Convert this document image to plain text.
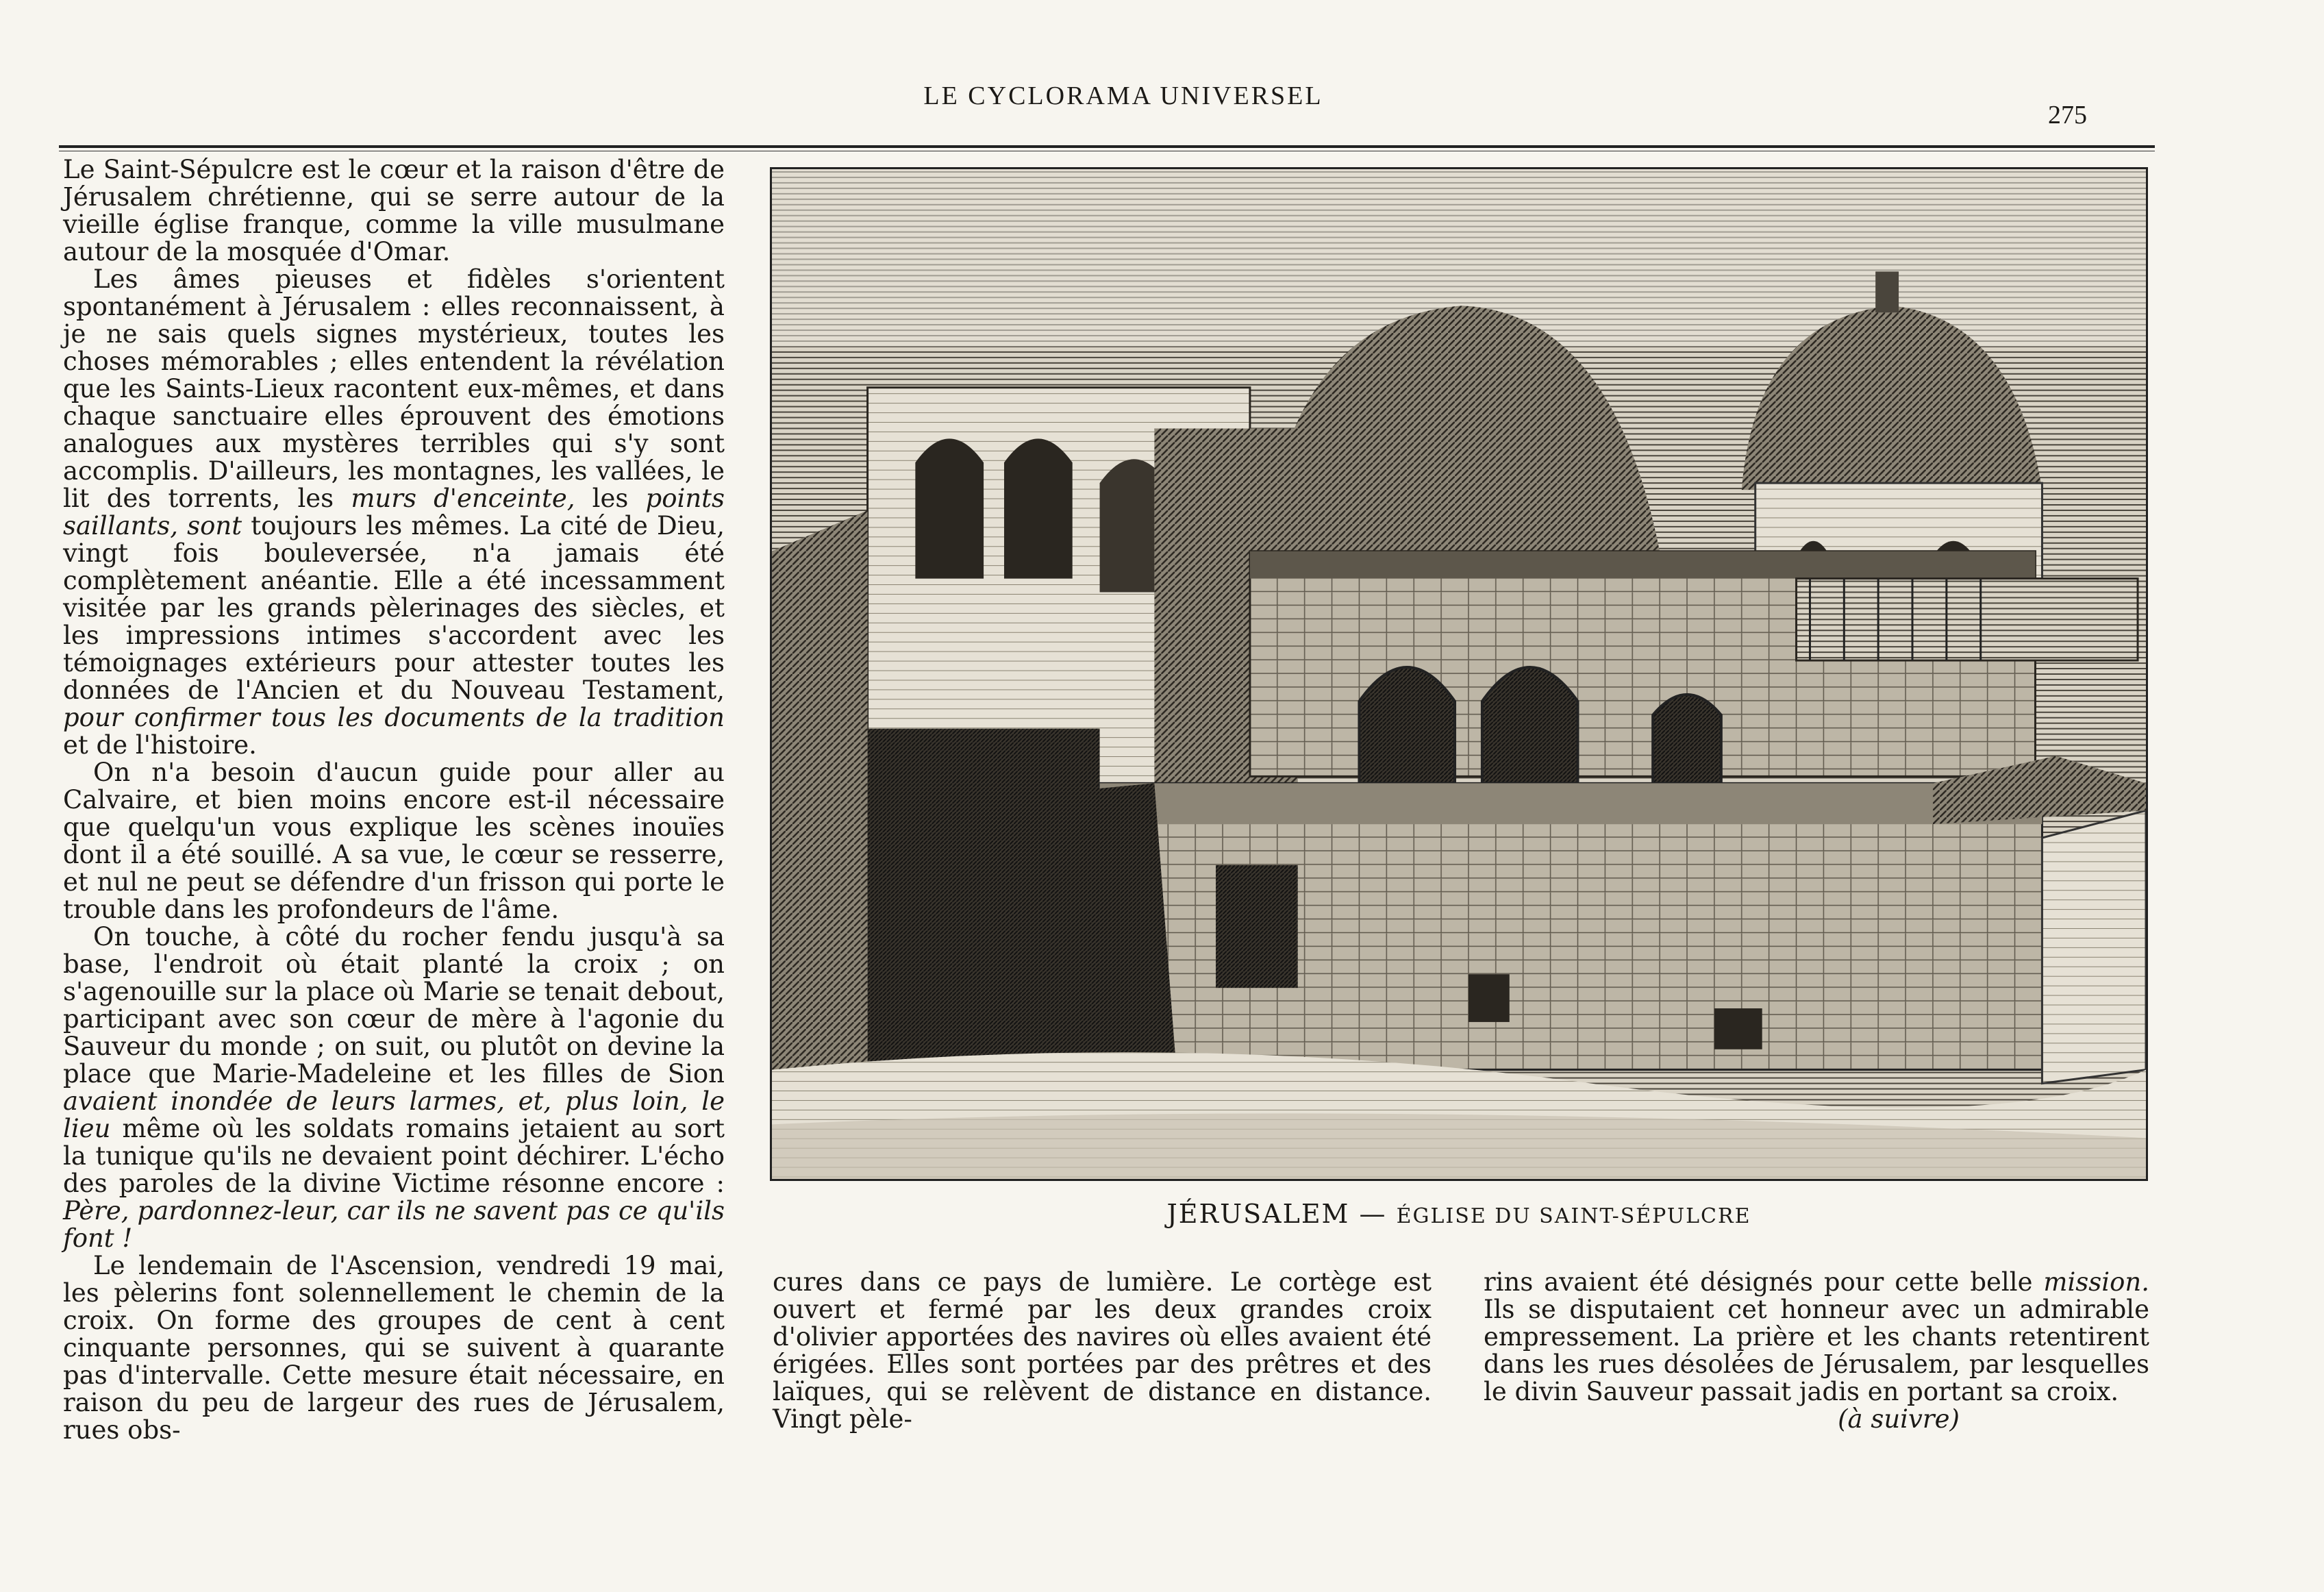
LE CYCLORAMA UNIVERSEL
275

Le Saint-Sépulcre est le cœur et la raison d'être de Jérusalem chrétienne, qui se serre autour de la vieille église franque, comme la ville musulmane autour de la mosquée d'Omar.

Les âmes pieuses et fidèles s'orientent spontanément à Jérusalem : elles reconnaissent, à je ne sais quels signes mystérieux, toutes les choses mémorables ; elles entendent la révélation que les Saints-Lieux racontent eux-mêmes, et dans chaque sanctuaire elles éprouvent des émotions analogues aux mystères terribles qui s'y sont accomplis. D'ailleurs, les montagnes, les vallées, le lit des torrents, les murs d'enceinte, les points saillants, sont toujours les mêmes. La cité de Dieu, vingt fois bouleversée, n'a jamais été complètement anéantie. Elle a été incessamment visitée par les grands pèlerinages des siècles, et les impressions intimes s'accordent avec les témoignages extérieurs pour attester toutes les données de l'Ancien et du Nouveau Testament, pour confirmer tous les documents de la tradition et de l'histoire.

On n'a besoin d'aucun guide pour aller au Calvaire, et bien moins encore est-il nécessaire que quelqu'un vous explique les scènes inouïes dont il a été souillé. A sa vue, le cœur se resserre, et nul ne peut se défendre d'un frisson qui porte le trouble dans les profondeurs de l'âme.

On touche, à côté du rocher fendu jusqu'à sa base, l'endroit où était planté la croix ; on s'agenouille sur la place où Marie se tenait debout, participant avec son cœur de mère à l'agonie du Sauveur du monde ; on suit, ou plutôt on devine la place que Marie-Madeleine et les filles de Sion avaient inondée de leurs larmes, et, plus loin, le lieu même où les soldats romains jetaient au sort la tunique qu'ils ne devaient point déchirer. L'écho des paroles de la divine Victime résonne encore : Père, pardonnez-leur, car ils ne savent pas ce qu'ils font !

Le lendemain de l'Ascension, vendredi 19 mai, les pèlerins font solennellement le chemin de la croix. On forme des groupes de cent à cent cinquante personnes, qui se suivent à quarante pas d'intervalle. Cette mesure était nécessaire, en raison du peu de largeur des rues de Jérusalem, rues obs-

JÉRUSALEM — ÉGLISE DU SAINT-SÉPULCRE

cures dans ce pays de lumière. Le cortège est ouvert et fermé par les deux grandes croix d'olivier apportées des navires où elles avaient été érigées. Elles sont portées par des prêtres et des laïques, qui se relèvent de distance en distance. Vingt pèle-

rins avaient été désignés pour cette belle mission. Ils se disputaient cet honneur avec un admirable empressement. La prière et les chants retentirent dans les rues désolées de Jérusalem, par lesquelles le divin Sauveur passait jadis en portant sa croix.

(à suivre)
